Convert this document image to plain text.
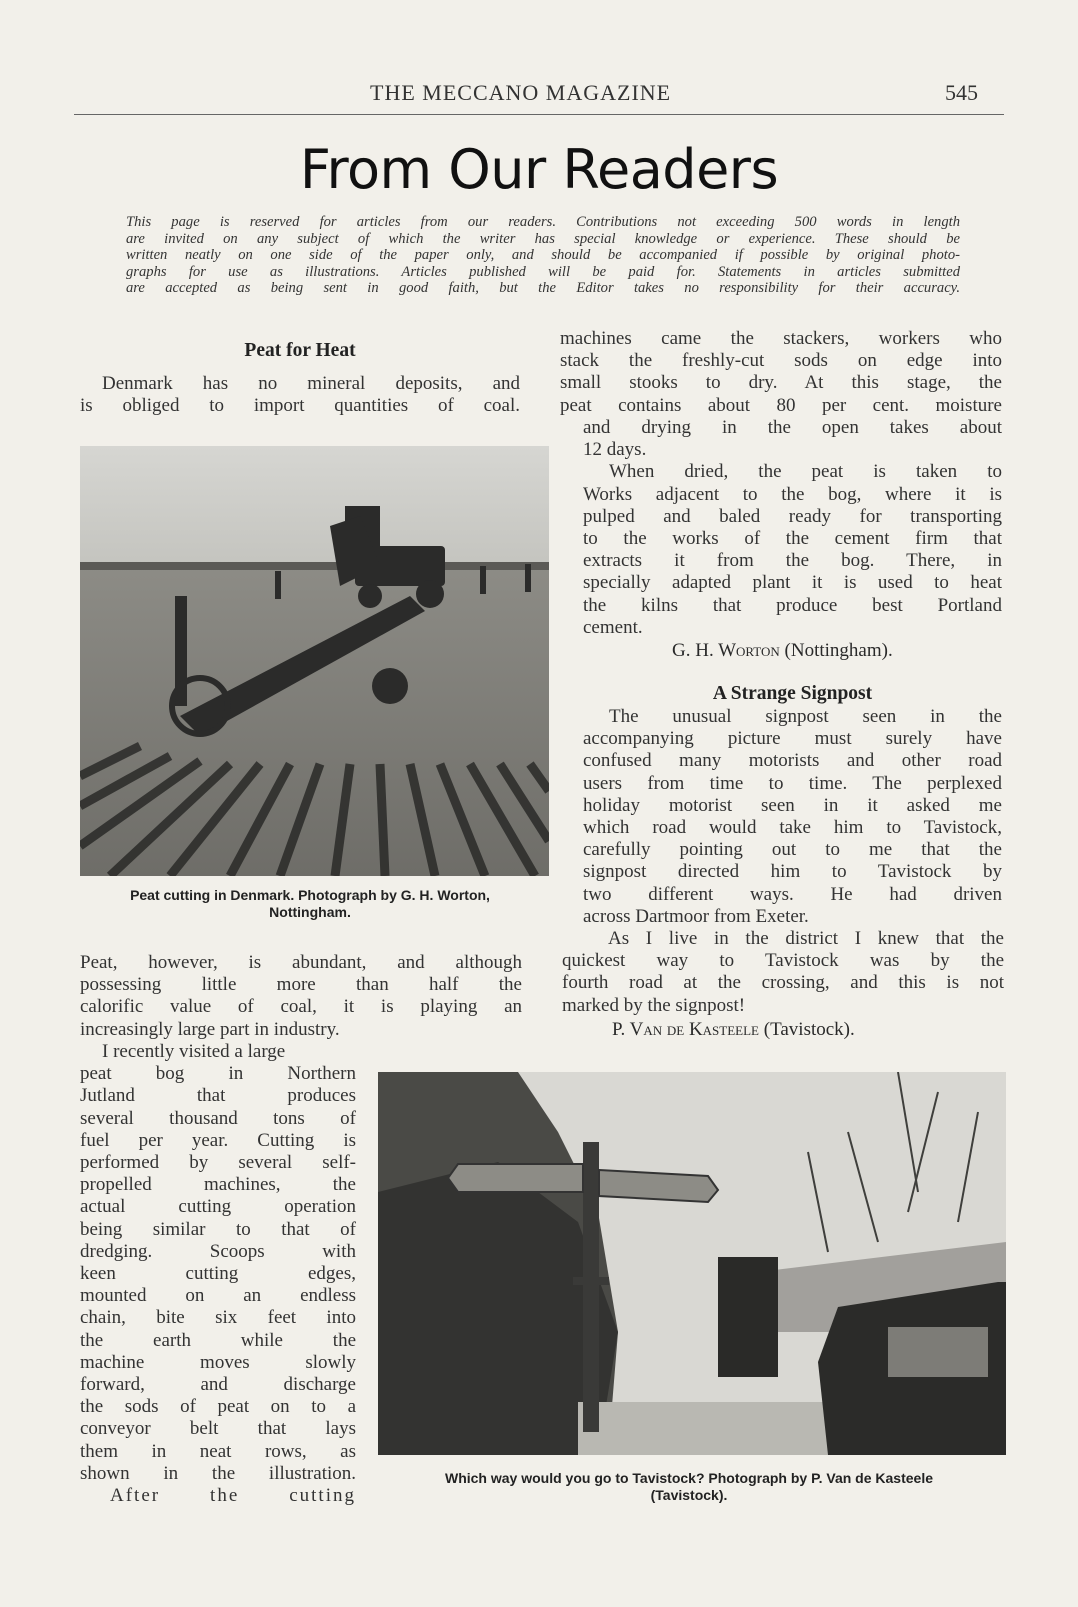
THE MECCANO MAGAZINE	545
From Our Readers
This page is reserved for articles from our readers. Contributions not exceeding 500 words in length
are invited on any subject of which the writer has special knowledge or experience. These should be
written neatly on one side of the paper only, and should be accompanied if possible by original photo-
graphs for use as illustrations. Articles published will be paid for. Statements in articles submitted
are accepted as being sent in good faith, but the Editor takes no responsibility for their accuracy.
Peat for Heat
Denmark has no mineral deposits, and
is obliged to import quantities of coal.
Peat cutting in Denmark. Photograph by G. H. Worton,
Nottingham.
Peat, however, is abundant, and although
possessing little more than half the
calorific value of coal, it is playing an
increasingly large part in industry.
I recently visited a large
peat bog in Northern
Jutland that produces
several thousand tons of
fuel per year. Cutting is
performed by several self-
propelled machines, the
actual cutting operation
being similar to that of
dredging. Scoops with
keen cutting edges,
mounted on an endless
chain, bite six feet into
the earth while the
machine moves slowly
forward, and discharge
the sods of peat on to a
conveyor belt that lays
them in neat rows, as
shown in the illustration.
After the cutting
machines came the stackers, workers who
stack the freshly-cut sods on edge into
small stooks to dry. At this stage, the
peat contains about 80 per cent. moisture
and drying in the open takes about
12 days.
When dried, the peat is taken to
Works adjacent to the bog, where it is
pulped and baled ready for transporting
to the works of the cement firm that
extracts it from the bog. There, in
specially adapted plant it is used to heat
the kilns that produce best Portland
cement.
G. H. Worton (Nottingham).
A Strange Signpost
The unusual signpost seen in the
accompanying picture must surely have
confused many motorists and other road
users from time to time. The perplexed
holiday motorist seen in it asked me
which road would take him to Tavistock,
carefully pointing out to me that the
signpost directed him to Tavistock by
two different ways. He had driven
across Dartmoor from Exeter.
As I live in the district I knew that the
quickest way to Tavistock was by the
fourth road at the crossing, and this is not
marked by the signpost!
P. Van de Kasteele (Tavistock).
Which way would you go to Tavistock? Photograph by P. Van de Kasteele
(Tavistock).
